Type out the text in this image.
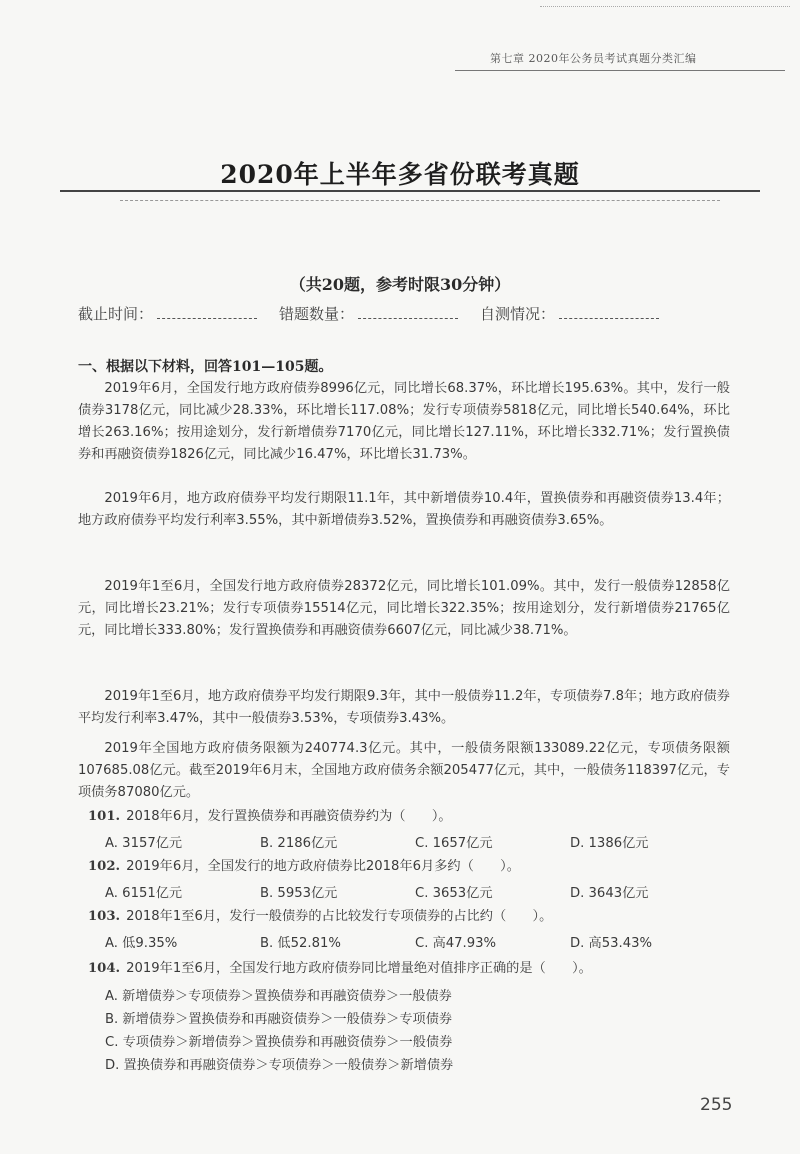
第七章 2020年公务员考试真题分类汇编
2020年上半年多省份联考真题
（共20题，参考时限30分钟）
截止时间：	错题数量：	自测情况：
一、根据以下材料，回答101—105题。
2019年6月，全国发行地方政府债券8996亿元，同比增长68.37%，环比增长195.63%。其中，发行一般债券3178亿元，同比减少28.33%，环比增长117.08%；发行专项债券5818亿元，同比增长540.64%，环比增长263.16%；按用途划分，发行新增债券7170亿元，同比增长127.11%，环比增长332.71%；发行置换债券和再融资债券1826亿元，同比减少16.47%，环比增长31.73%。
2019年6月，地方政府债券平均发行期限11.1年，其中新增债券10.4年，置换债券和再融资债券13.4年；地方政府债券平均发行利率3.55%，其中新增债券3.52%，置换债券和再融资债券3.65%。
2019年1至6月，全国发行地方政府债券28372亿元，同比增长101.09%。其中，发行一般债券12858亿元，同比增长23.21%；发行专项债券15514亿元，同比增长322.35%；按用途划分，发行新增债券21765亿元，同比增长333.80%；发行置换债券和再融资债券6607亿元，同比减少38.71%。
2019年1至6月，地方政府债券平均发行期限9.3年，其中一般债券11.2年，专项债券7.8年；地方政府债券平均发行利率3.47%，其中一般债券3.53%，专项债券3.43%。
2019年全国地方政府债务限额为240774.3亿元。其中，一般债务限额133089.22亿元，专项债务限额107685.08亿元。截至2019年6月末，全国地方政府债务余额205477亿元，其中，一般债务118397亿元，专项债务87080亿元。
101. 2018年6月，发行置换债券和再融资债券约为（　　）。
A. 3157亿元	B. 2186亿元	C. 1657亿元	D. 1386亿元
102. 2019年6月，全国发行的地方政府债券比2018年6月多约（　　）。
A. 6151亿元	B. 5953亿元	C. 3653亿元	D. 3643亿元
103. 2018年1至6月，发行一般债券的占比较发行专项债券的占比约（　　）。
A. 低9.35%	B. 低52.81%	C. 高47.93%	D. 高53.43%
104. 2019年1至6月，全国发行地方政府债券同比增量绝对值排序正确的是（　　）。
A. 新增债券＞专项债券＞置换债券和再融资债券＞一般债券
B. 新增债券＞置换债券和再融资债券＞一般债券＞专项债券
C. 专项债券＞新增债券＞置换债券和再融资债券＞一般债券
D. 置换债券和再融资债券＞专项债券＞一般债券＞新增债券
255
